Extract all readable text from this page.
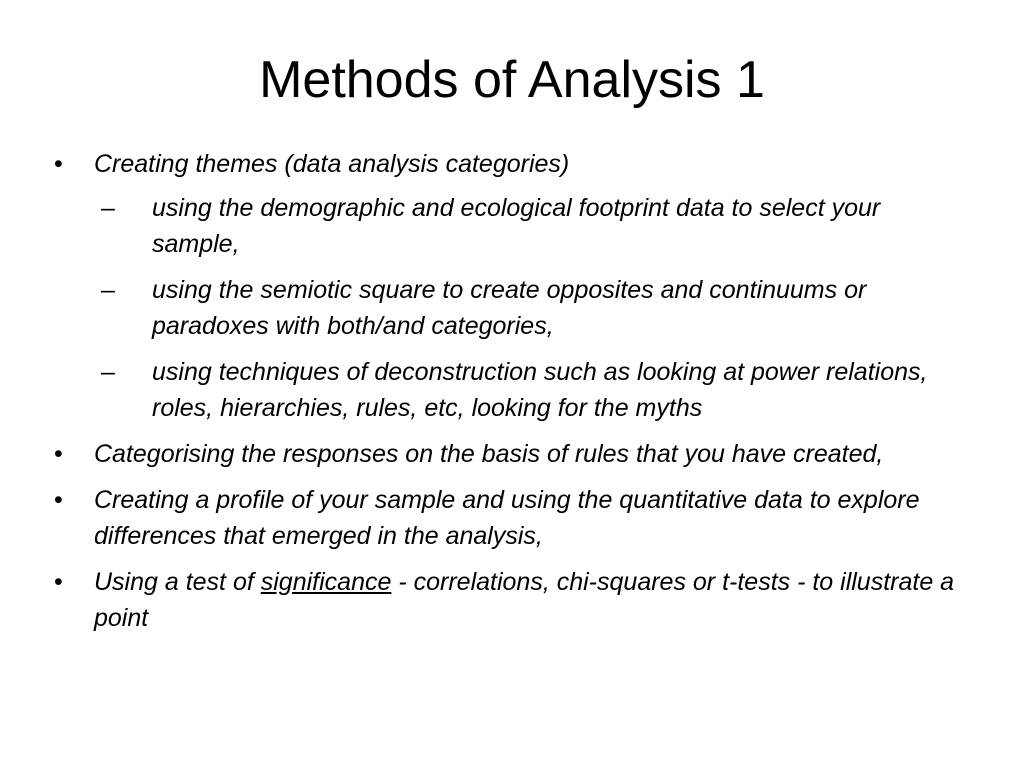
Methods of Analysis 1
•	Creating themes (data analysis categories)
–	using the demographic and ecological footprint data to select your sample,
–	using the semiotic square to create opposites and continuums or paradoxes with both/and categories,
–	using techniques of deconstruction such as looking at power relations, roles, hierarchies, rules, etc, looking for the myths
•	Categorising the responses on the basis of rules that you have created,
•	Creating a profile of your sample and using the quantitative data to explore differences that emerged in the analysis,
•	Using a test of significance - correlations, chi-squares or t-tests - to illustrate a point
